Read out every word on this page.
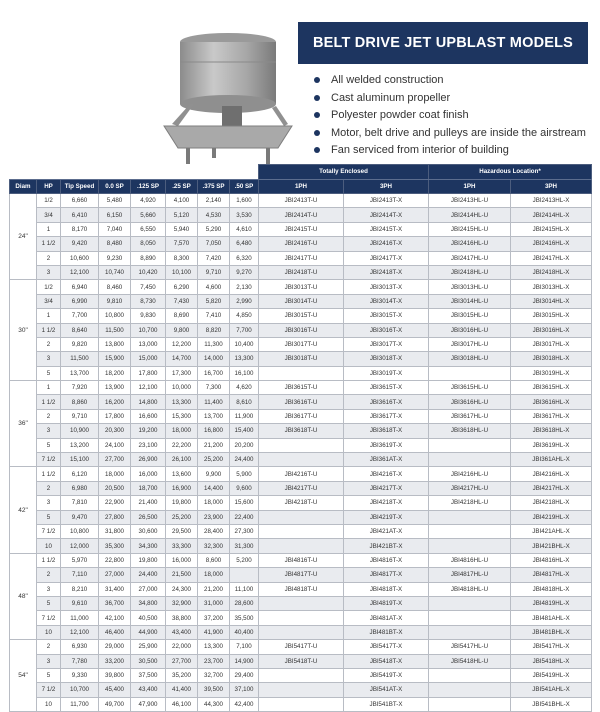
BELT DRIVE JET UPBLAST MODELS
All welded construction
Cast aluminum propeller
Polyester powder coat finish
Motor, belt drive and pulleys are inside the airstream
Fan serviced from interior of building
								Totally Enclosed		Hazardous Location*	
Diam	HP	Tip Speed	0.0 SP	.125 SP	.25 SP	.375 SP	.50 SP	1PH	3PH	1PH	3PH
24"	1/2	6,660	5,480	4,920	4,100	2,140	1,600	JBI2413T-U	JBI2413T-X	JBI2413HL-U	JBI2413HL-X
	3/4	6,410	6,150	5,660	5,120	4,530	3,530	JBI2414T-U	JBI2414T-X	JBI2414HL-U	JBI2414HL-X
	1	8,170	7,040	6,550	5,940	5,290	4,610	JBI2415T-U	JBI2415T-X	JBI2415HL-U	JBI2415HL-X
	1 1/2	9,420	8,480	8,050	7,570	7,050	6,480	JBI2416T-U	JBI2416T-X	JBI2416HL-U	JBI2416HL-X
	2	10,600	9,230	8,890	8,300	7,420	6,320	JBI2417T-U	JBI2417T-X	JBI2417HL-U	JBI2417HL-X
	3	12,100	10,740	10,420	10,100	9,710	9,270	JBI2418T-U	JBI2418T-X	JBI2418HL-U	JBI2418HL-X
30"	1/2	6,940	8,460	7,450	6,290	4,600	2,130	JBI3013T-U	JBI3013T-X	JBI3013HL-U	JBI3013HL-X
	3/4	6,990	9,810	8,730	7,430	5,820	2,990	JBI3014T-U	JBI3014T-X	JBI3014HL-U	JBI3014HL-X
	1	7,700	10,800	9,830	8,690	7,410	4,850	JBI3015T-U	JBI3015T-X	JBI3015HL-U	JBI3015HL-X
	1 1/2	8,640	11,500	10,700	9,800	8,820	7,700	JBI3016T-U	JBI3016T-X	JBI3016HL-U	JBI3016HL-X
	2	9,820	13,800	13,000	12,200	11,300	10,400	JBI3017T-U	JBI3017T-X	JBI3017HL-U	JBI3017HL-X
	3	11,500	15,900	15,000	14,700	14,000	13,300	JBI3018T-U	JBI3018T-X	JBI3018HL-U	JBI3018HL-X
	5	13,700	18,200	17,800	17,300	16,700	16,100		JBI3019T-X		JBI3019HL-X
36"	1	7,920	13,900	12,100	10,000	7,300	4,620	JBI3615T-U	JBI3615T-X	JBI3615HL-U	JBI3615HL-X
	1 1/2	8,860	16,200	14,800	13,300	11,400	8,610	JBI3616T-U	JBI3616T-X	JBI3616HL-U	JBI3616HL-X
	2	9,710	17,800	16,600	15,300	13,700	11,900	JBI3617T-U	JBI3617T-X	JBI3617HL-U	JBI3617HL-X
	3	10,900	20,300	19,200	18,000	16,800	15,400	JBI3618T-U	JBI3618T-X	JBI3618HL-U	JBI3618HL-X
	5	13,200	24,100	23,100	22,200	21,200	20,200		JBI3619T-X		JBI3619HL-X
	7 1/2	15,100	27,700	26,900	26,100	25,200	24,400		JBI361AT-X		JBI361AHL-X
42"	1 1/2	6,120	18,000	16,000	13,600	9,900	5,900	JBI4216T-U	JBI4216T-X	JBI4216HL-U	JBI4216HL-X
	2	6,980	20,500	18,700	16,900	14,400	9,600	JBI4217T-U	JBI4217T-X	JBI4217HL-U	JBI4217HL-X
	3	7,810	22,900	21,400	19,800	18,000	15,600	JBI4218T-U	JBI4218T-X	JBI4218HL-U	JBI4218HL-X
	5	9,470	27,800	26,500	25,200	23,900	22,400		JBI4219T-X		JBI4219HL-X
	7 1/2	10,800	31,800	30,600	29,500	28,400	27,300		JBI421AT-X		JBI421AHL-X
	10	12,000	35,300	34,300	33,300	32,300	31,300		JBI421BT-X		JBI421BHL-X
48"	1 1/2	5,970	22,800	19,800	16,000	8,600	5,200	JBI4816T-U	JBI4816T-X	JBI4816HL-U	JBI4816HL-X
	2	7,110	27,000	24,400	21,500	18,000		JBI4817T-U	JBI4817T-X	JBI4817HL-U	JBI4817HL-X
	3	8,210	31,400	27,000	24,300	21,200	11,100	JBI4818T-U	JBI4818T-X	JBI4818HL-U	JBI4818HL-X
	5	9,610	36,700	34,800	32,900	31,000	28,600		JBI4819T-X		JBI4819HL-X
	7 1/2	11,000	42,100	40,500	38,800	37,200	35,500		JBI481AT-X		JBI481AHL-X
	10	12,100	46,400	44,900	43,400	41,900	40,400		JBI481BT-X		JBI481BHL-X
54"	2	6,930	29,000	25,900	22,000	13,300	7,100	JBI5417T-U	JBI5417T-X	JBI5417HL-U	JBI5417HL-X
	3	7,780	33,200	30,500	27,700	23,700	14,900	JBI5418T-U	JBI5418T-X	JBI5418HL-U	JBI5418HL-X
	5	9,330	39,800	37,500	35,200	32,700	29,400		JBI5419T-X		JBI5419HL-X
	7 1/2	10,700	45,400	43,400	41,400	39,500	37,100		JBI541AT-X		JBI541AHL-X
	10	11,700	49,700	47,900	46,100	44,300	42,400		JBI541BT-X		JBI541BHL-X
